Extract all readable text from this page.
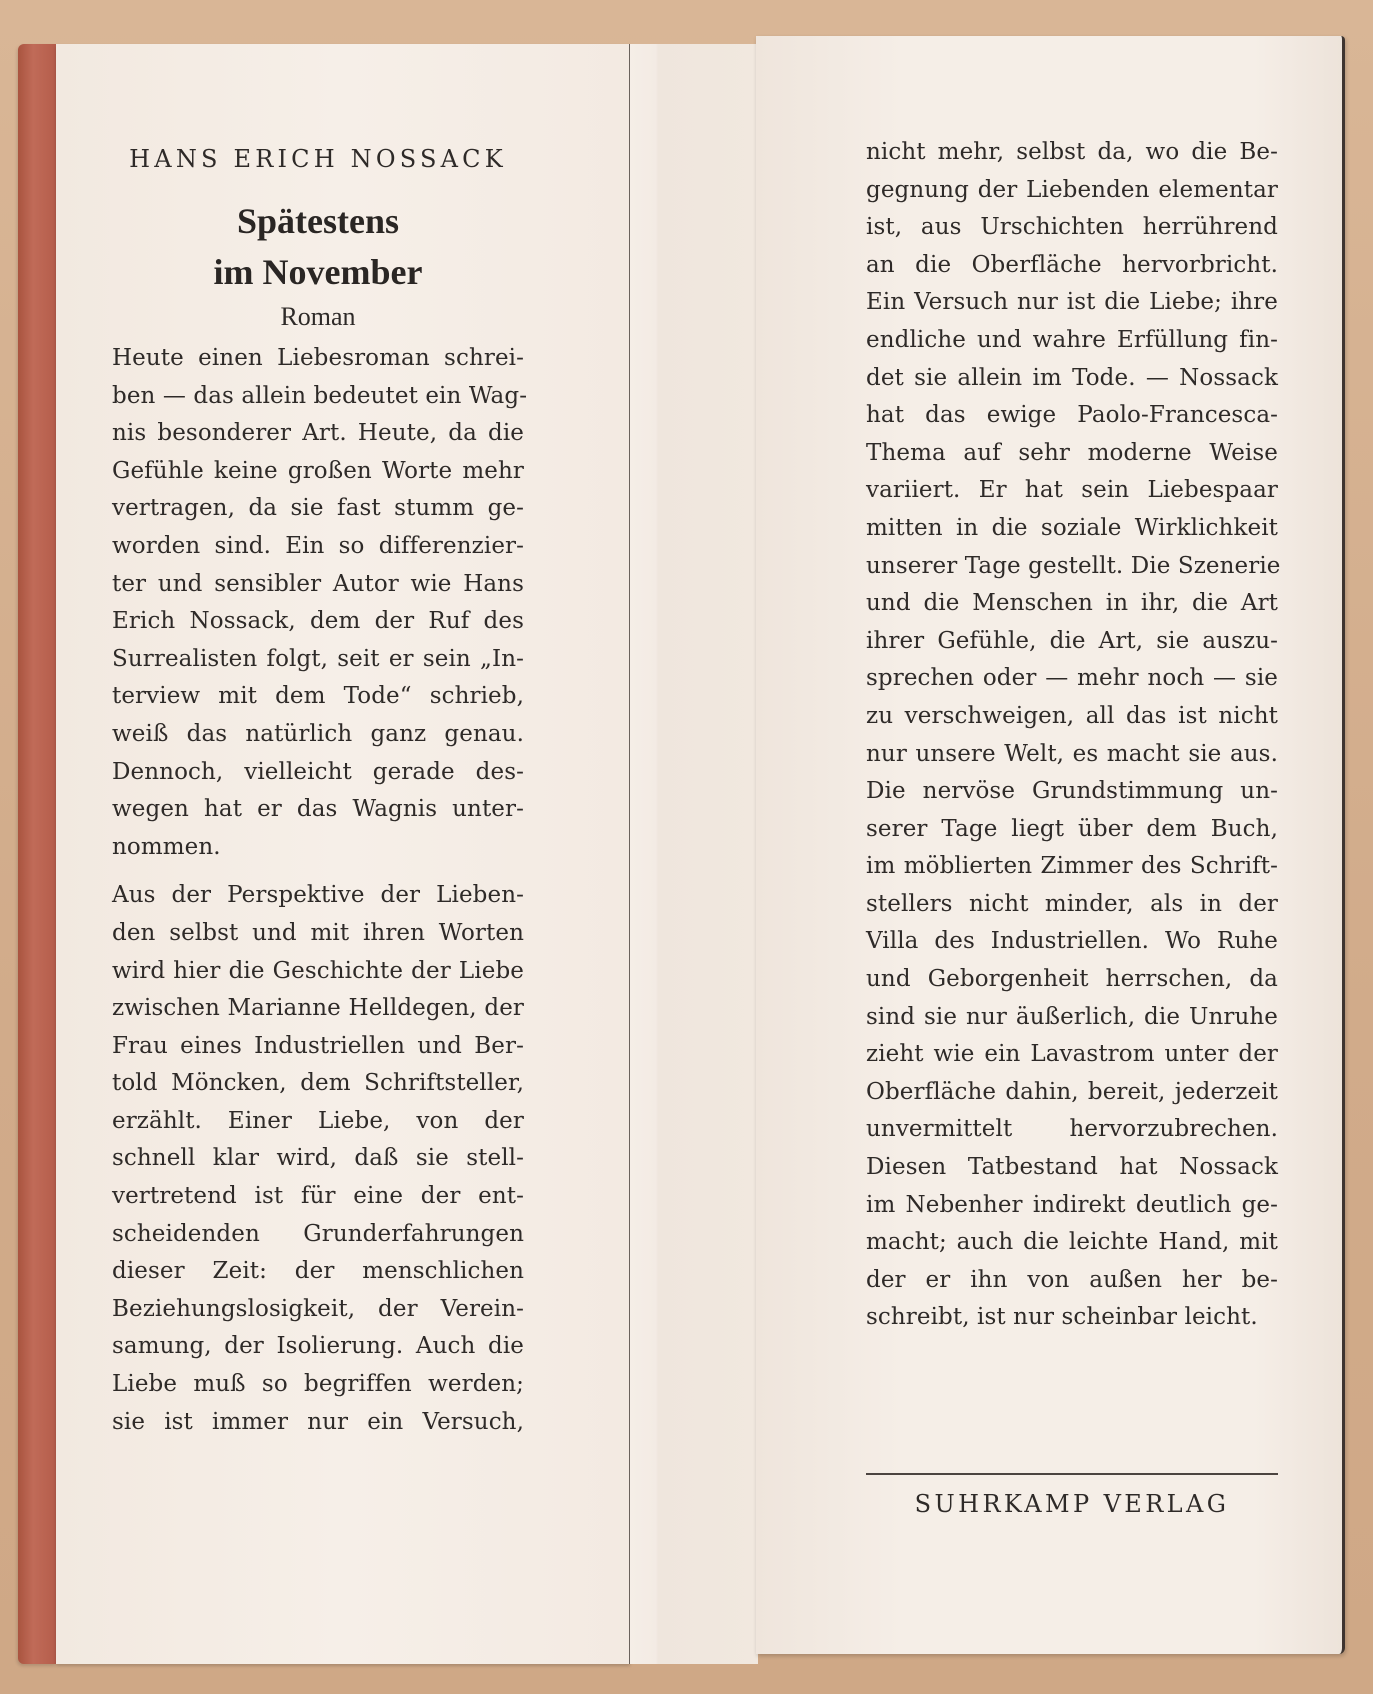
HANS ERICH NOSSACK
Spätestens
im November
Roman
Heute einen Liebesroman schrei-
ben — das allein bedeutet ein Wag-
nis besonderer Art. Heute, da die
Gefühle keine großen Worte mehr
vertragen, da sie fast stumm ge-
worden sind. Ein so differenzier-
ter und sensibler Autor wie Hans
Erich Nossack, dem der Ruf des
Surrealisten folgt, seit er sein „In-
terview mit dem Tode“ schrieb,
weiß das natürlich ganz genau.
Dennoch, vielleicht gerade des-
wegen hat er das Wagnis unter-
nommen.
Aus der Perspektive der Lieben-
den selbst und mit ihren Worten
wird hier die Geschichte der Liebe
zwischen Marianne Helldegen, der
Frau eines Industriellen und Ber-
told Möncken, dem Schriftsteller,
erzählt. Einer Liebe, von der
schnell klar wird, daß sie stell-
vertretend ist für eine der ent-
scheidenden Grunderfahrungen
dieser Zeit: der menschlichen
Beziehungslosigkeit, der Verein-
samung, der Isolierung. Auch die
Liebe muß so begriffen werden;
sie ist immer nur ein Versuch,
nicht mehr, selbst da, wo die Be-
gegnung der Liebenden elementar
ist, aus Urschichten herrührend
an die Oberfläche hervorbricht.
Ein Versuch nur ist die Liebe; ihre
endliche und wahre Erfüllung fin-
det sie allein im Tode. — Nossack
hat das ewige Paolo-Francesca-
Thema auf sehr moderne Weise
variiert. Er hat sein Liebespaar
mitten in die soziale Wirklichkeit
unserer Tage gestellt. Die Szenerie
und die Menschen in ihr, die Art
ihrer Gefühle, die Art, sie auszu-
sprechen oder — mehr noch — sie
zu verschweigen, all das ist nicht
nur unsere Welt, es macht sie aus.
Die nervöse Grundstimmung un-
serer Tage liegt über dem Buch,
im möblierten Zimmer des Schrift-
stellers nicht minder, als in der
Villa des Industriellen. Wo Ruhe
und Geborgenheit herrschen, da
sind sie nur äußerlich, die Unruhe
zieht wie ein Lavastrom unter der
Oberfläche dahin, bereit, jederzeit
unvermittelt hervorzubrechen.
Diesen Tatbestand hat Nossack
im Nebenher indirekt deutlich ge-
macht; auch die leichte Hand, mit
der er ihn von außen her be-
schreibt, ist nur scheinbar leicht.
SUHRKAMP VERLAG
